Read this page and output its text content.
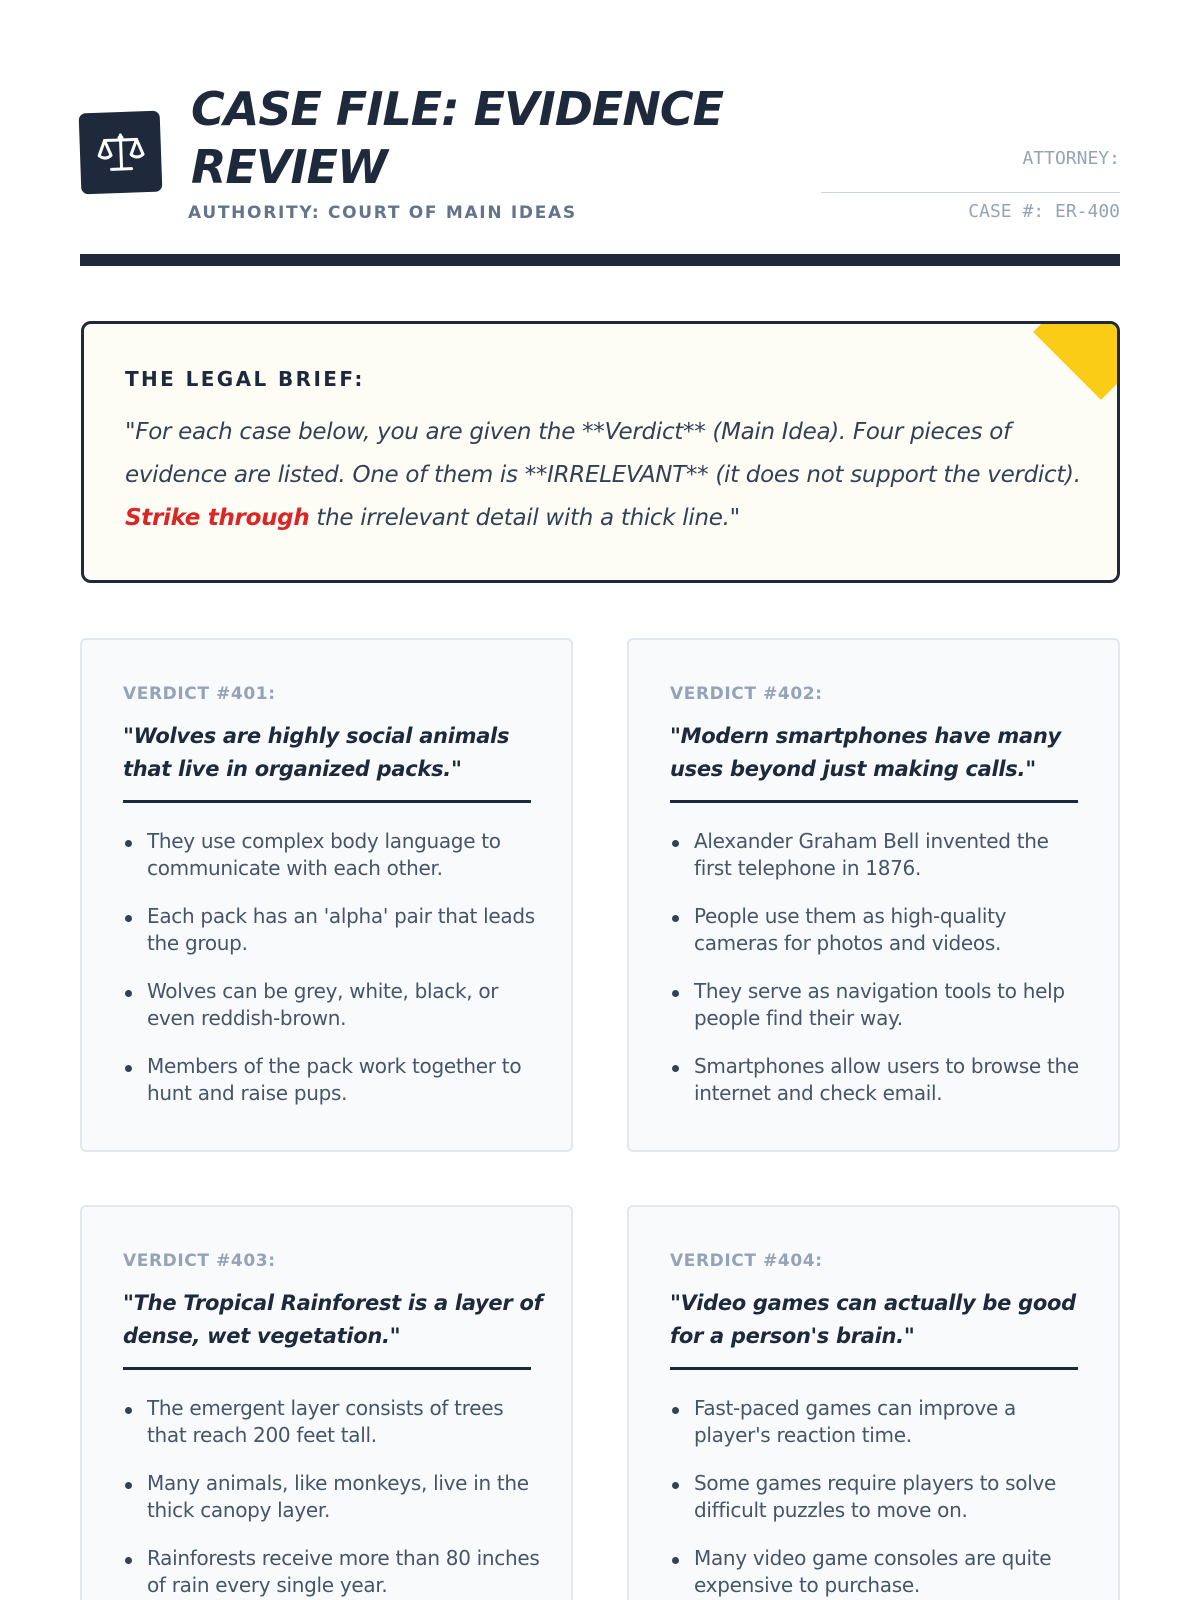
CASE FILE: EVIDENCE REVIEW
AUTHORITY: COURT OF MAIN IDEAS
ATTORNEY:
CASE #: ER-400
THE LEGAL BRIEF:

"For each case below, you are given the **Verdict** (Main Idea). Four pieces of evidence are listed. One of them is **IRRELEVANT** (it does not support the verdict). Strike through the irrelevant detail with a thick line."

VERDICT #401:
"Wolves are highly social animals that live in organized packs."
They use complex body language to communicate with each other.
Each pack has an 'alpha' pair that leads the group.
Wolves can be grey, white, black, or even reddish-brown.
Members of the pack work together to hunt and raise pups.
VERDICT #402:
"Modern smartphones have many uses beyond just making calls."
Alexander Graham Bell invented the first telephone in 1876.
People use them as high-quality cameras for photos and videos.
They serve as navigation tools to help people find their way.
Smartphones allow users to browse the internet and check email.
VERDICT #403:
"The Tropical Rainforest is a layer of dense, wet vegetation."
The emergent layer consists of trees that reach 200 feet tall.
Many animals, like monkeys, live in the thick canopy layer.
Rainforests receive more than 80 inches of rain every single year.
VERDICT #404:
"Video games can actually be good for a person's brain."
Fast-paced games can improve a player's reaction time.
Some games require players to solve difficult puzzles to move on.
Many video game consoles are quite expensive to purchase.
